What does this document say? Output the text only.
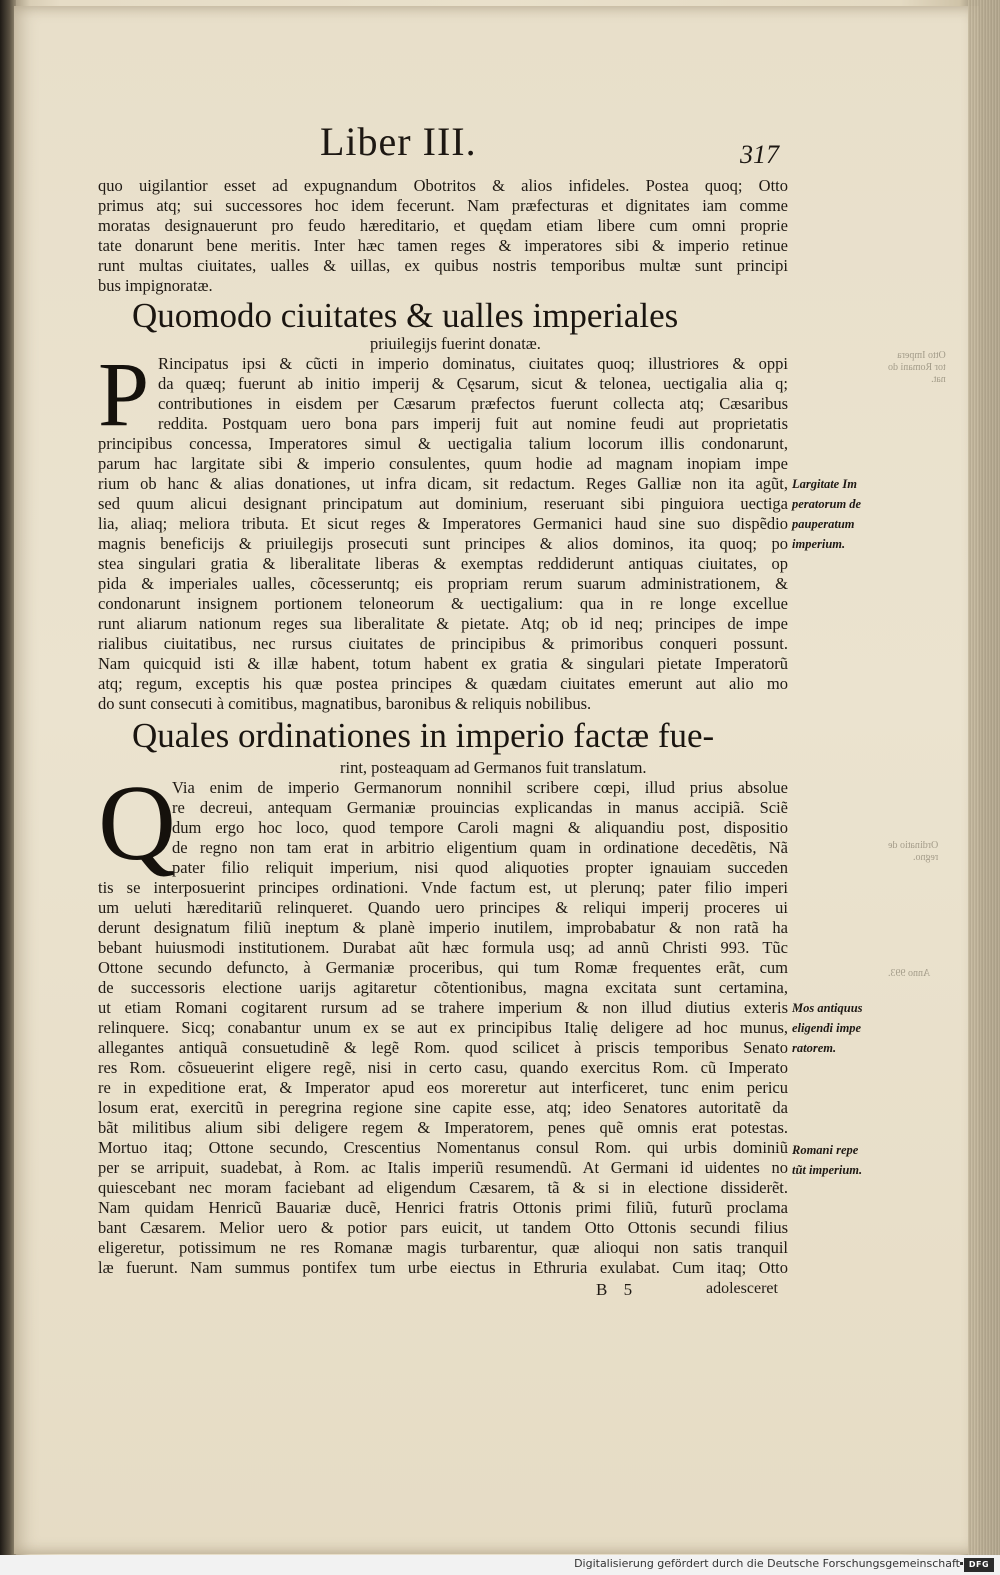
Liber III.	317
quo uigilantior esset ad expugnandum Obotritos & alios infideles. Postea quoq; Otto
primus atq; sui successores hoc idem fecerunt. Nam præfecturas et dignitates iam comme
moratas designauerunt pro feudo hæreditario, et quędam etiam libere cum omni proprie
tate donarunt bene meritis. Inter hæc tamen reges & imperatores sibi & imperio retinue
runt multas ciuitates, ualles & uillas, ex quibus nostris temporibus multæ sunt principi
bus impignoratæ.
Quomodo ciuitates & ualles imperiales
priuilegijs fuerint donatæ.
P Rincipatus ipsi & cũcti in imperio dominatus, ciuitates quoq; illustriores & oppi
da quæq; fuerunt ab initio imperij & Cęsarum, sicut & telonea, uectigalia alia q;
contributiones in eisdem per Cæsarum præfectos fuerunt collecta atq; Cæsaribus
reddita. Postquam uero bona pars imperij fuit aut nomine feudi aut proprietatis
principibus concessa, Imperatores simul & uectigalia talium locorum illis condonarunt,
parum hac largitate sibi & imperio consulentes, quum hodie ad magnam inopiam impe
rium ob hanc & alias donationes, ut infra dicam, sit redactum. Reges Galliæ non ita agũt,
sed quum alicui designant principatum aut dominium, reseruant sibi pinguiora uectiga
lia, aliaq; meliora tributa. Et sicut reges & Imperatores Germanici haud sine suo dispẽdio
magnis beneficijs & priuilegijs prosecuti sunt principes & alios dominos, ita quoq; po
stea singulari gratia & liberalitate liberas & exemptas reddiderunt antiquas ciuitates, op
pida & imperiales ualles, cõcesseruntq; eis propriam rerum suarum administrationem, &
condonarunt insignem portionem teloneorum & uectigalium: qua in re longe excellue
runt aliarum nationum reges sua liberalitate & pietate. Atq; ob id neq; principes de impe
rialibus ciuitatibus, nec rursus ciuitates de principibus & primoribus conqueri possunt.
Nam quicquid isti & illæ habent, totum habent ex gratia & singulari pietate Imperatorũ
atq; regum, exceptis his quæ postea principes & quædam ciuitates emerunt aut alio mo
do sunt consecuti à comitibus, magnatibus, baronibus & reliquis nobilibus.
Quales ordinationes in imperio factæ fue-
rint, posteaquam ad Germanos fuit translatum.
Q
Via enim de imperio Germanorum nonnihil scribere cœpi, illud prius absolue
re decreui, antequam Germaniæ prouincias explicandas in manus accipiã. Sciẽ
dum ergo hoc loco, quod tempore Caroli magni & aliquandiu post, dispositio
de regno non tam erat in arbitrio eligentium quam in ordinatione decedẽtis, Nã
pater filio reliquit imperium, nisi quod aliquoties propter ignauiam succeden
tis se interposuerint principes ordinationi. Vnde factum est, ut plerunq; pater filio imperi
um ueluti hæreditariũ relinqueret. Quando uero principes & reliqui imperij proceres ui
derunt designatum filiũ ineptum & planè imperio inutilem, improbabatur & non ratã ha
bebant huiusmodi institutionem. Durabat aũt hæc formula usq; ad annũ Christi 993. Tũc
Ottone secundo defuncto, à Germaniæ proceribus, qui tum Romæ frequentes erãt, cum
de successoris electione uarijs agitaretur cõtentionibus, magna excitata sunt certamina,
ut etiam Romani cogitarent rursum ad se trahere imperium & non illud diutius exteris
relinquere. Sicq; conabantur unum ex se aut ex principibus Italię deligere ad hoc munus,
allegantes antiquã consuetudinẽ & legẽ Rom. quod scilicet à priscis temporibus Senato
res Rom. cõsueuerint eligere regẽ, nisi in certo casu, quando exercitus Rom. cũ Imperato
re in expeditione erat, & Imperator apud eos moreretur aut interficeret, tunc enim pericu
losum erat, exercitũ in peregrina regione sine capite esse, atq; ideo Senatores autoritatẽ da
bãt militibus alium sibi deligere regem & Imperatorem, penes quẽ omnis erat potestas.
Mortuo itaq; Ottone secundo, Crescentius Nomentanus consul Rom. qui urbis dominiũ
per se arripuit, suadebat, à Rom. ac Italis imperiũ resumendũ. At Germani id uidentes no
quiescebant nec moram faciebant ad eligendum Cæsarem, tã & si in electione dissiderẽt.
Nam quidam Henricũ Bauariæ ducẽ, Henrici fratris Ottonis primi filiũ, futurũ proclama
bant Cæsarem. Melior uero & potior pars euicit, ut tandem Otto Ottonis secundi filius
eligeretur, potissimum ne res Romanæ magis turbarentur, quæ alioqui non satis tranquil
læ fuerunt. Nam summus pontifex tum urbe eiectus in Ethruria exulabat. Cum itaq; Otto
B 5	adolesceret
Largitate Im
peratorum de
pauperatum
imperium.
Mos antiquus
eligendi impe
ratorem.
Romani repe
tũt imperium.
Otto Impera
tor Romani do
nat.
Ordinatio de
regno.
Anno 993.
Digitalisierung gefördert durch die Deutsche Forschungsgemeinschaft	DFG
